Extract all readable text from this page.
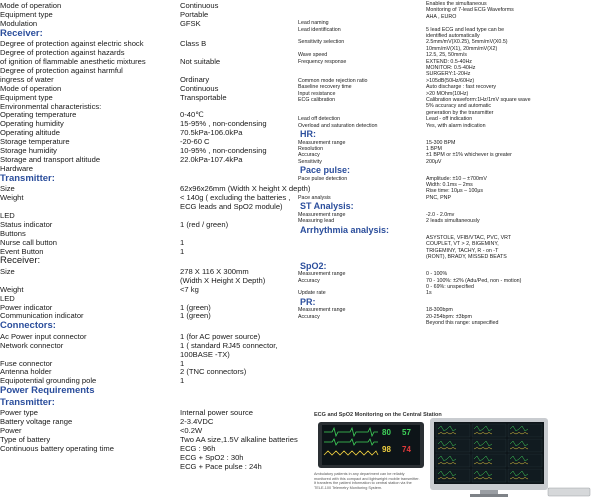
Mode of operation	Continuous
Equipment type	Portable
Modulation	GFSK
Receiver:
Degree of protection against electric shock	Class B
Degree of protection against hazards
of ignition of flammable anesthetic mixtures	Not suitable
Degree of protection against harmful
ingress of water	Ordinary
Mode of operation	Continuous
Equipment type	Transportable
Environmental characteristics:
Operating temperature	0-40℃
Operating humidity	15-95% , non-condensing
Operating altitude	70.5kPa-106.0kPa
Storage temperature	-20-60 C
Storage humidity	10-95% , non-condensing
Storage and transport altitude	22.0kPa-107.4kPa
Hardware
Transmitter:
Size	62x96x26mm (Width X height X depth)
Weight	< 140g ( excluding the batteries ,
ECG leads and SpO2 module)
LED
Status indicator	1 (red / green)
Buttons
Nurse call button	1
Event Button	1
Receiver:
Size	278 X 116 X 300mm
(Width X Height X Depth)
Weight	<7 kg
LED
Power indicator	1 (green)
Communication indicator	1 (green)
Connectors:
Ac Power input connector	1 (for AC power source)
Network connector	1 ( standard RJ45 connector,
100BASE -TX)
Fuse connector	1
Antenna holder	2 (TNC connectors)
Equipotential grounding pole	1
Power Requirements
Transmitter:
Power type	Internal power source
Battery voltage range	2-3.4VDC
Power	<0.2W
Type of battery	Two AA size,1.5V alkaline batteries
Continuous battery operating time	ECG : 96h
ECG + SpO2 : 30h
ECG + Pace pulse : 24h
Enables the simultaneous
Monitoring of 7-lead ECG Waveforms
AHA , EURO
Lead naming
Lead identification	5 lead ECG and lead type can be
identified automatically
Sensitivity selection	2.5mm/mV(X0.25), 5mm/mV(X0.5)
10mm/mV(X1), 20mm/mV(X2)
Wave speed	12.5, 25, 50mm/s
Frequency response	EXTEND: 0.5-40Hz
MONITOR: 0.5-40Hz
SURGERY:1-20Hz
Common mode rejection ratio	>105dB(50Hz/60Hz)
Baseline recovery time	Auto discharge : fast recovery
Input resistance	>20 MOhm(10Hz)
ECG calibration	Calibration waveform:1Hz/1mV square wave
5% accuracy and automatic
generation by the transmitter
Lead off detection	Lead - off indication
Overload and saturation detection	Yes, with alarm indication
HR:
Measurement range	15-300 BPM
Resolution	1 BPM
Accuracy	±1 BPM or ±1% whichever is greater
Sensitivity	200μV
Pace pulse:
Pace pulse detection	Amplitude: ±10 – ±700mV
Width: 0.1ms – 2ms
Rise time: 10μs – 100μs
Pace analysis	PNC, PNP
ST Analysis:
Measurement range	-2.0 - 2.0mv
Measuring lead	2 leads simultaneously
Arrhythmia analysis:
ASYSTOLE, VFIB/VTAC, PVC, VRT
COUPLET, VT > 2, BIGEMINY,
TRIGEMINY, TACHY, R - on -T
(RONT), BRADY, MISSED BEATS
SpO2:
Measurement range	0 - 100%
Accuracy	70 - 100%: ±2% (Adu/Ped, non - motion)
0 - 69%: unspecified
Update rate	1s
PR:
Measurement range	18-300bpm
Accuracy	20-254bpm: ±3bpm
Beyond this range: unspecified
ECG and SpO2 Monitoring on the Central Station
80 57
98 74
Ambulatory patients in any department can be reliably monitored with this compact and lightweight mobile transmitter. It transfers the patient information to central station via the TELE-100 Telemetry Monitoring System.
